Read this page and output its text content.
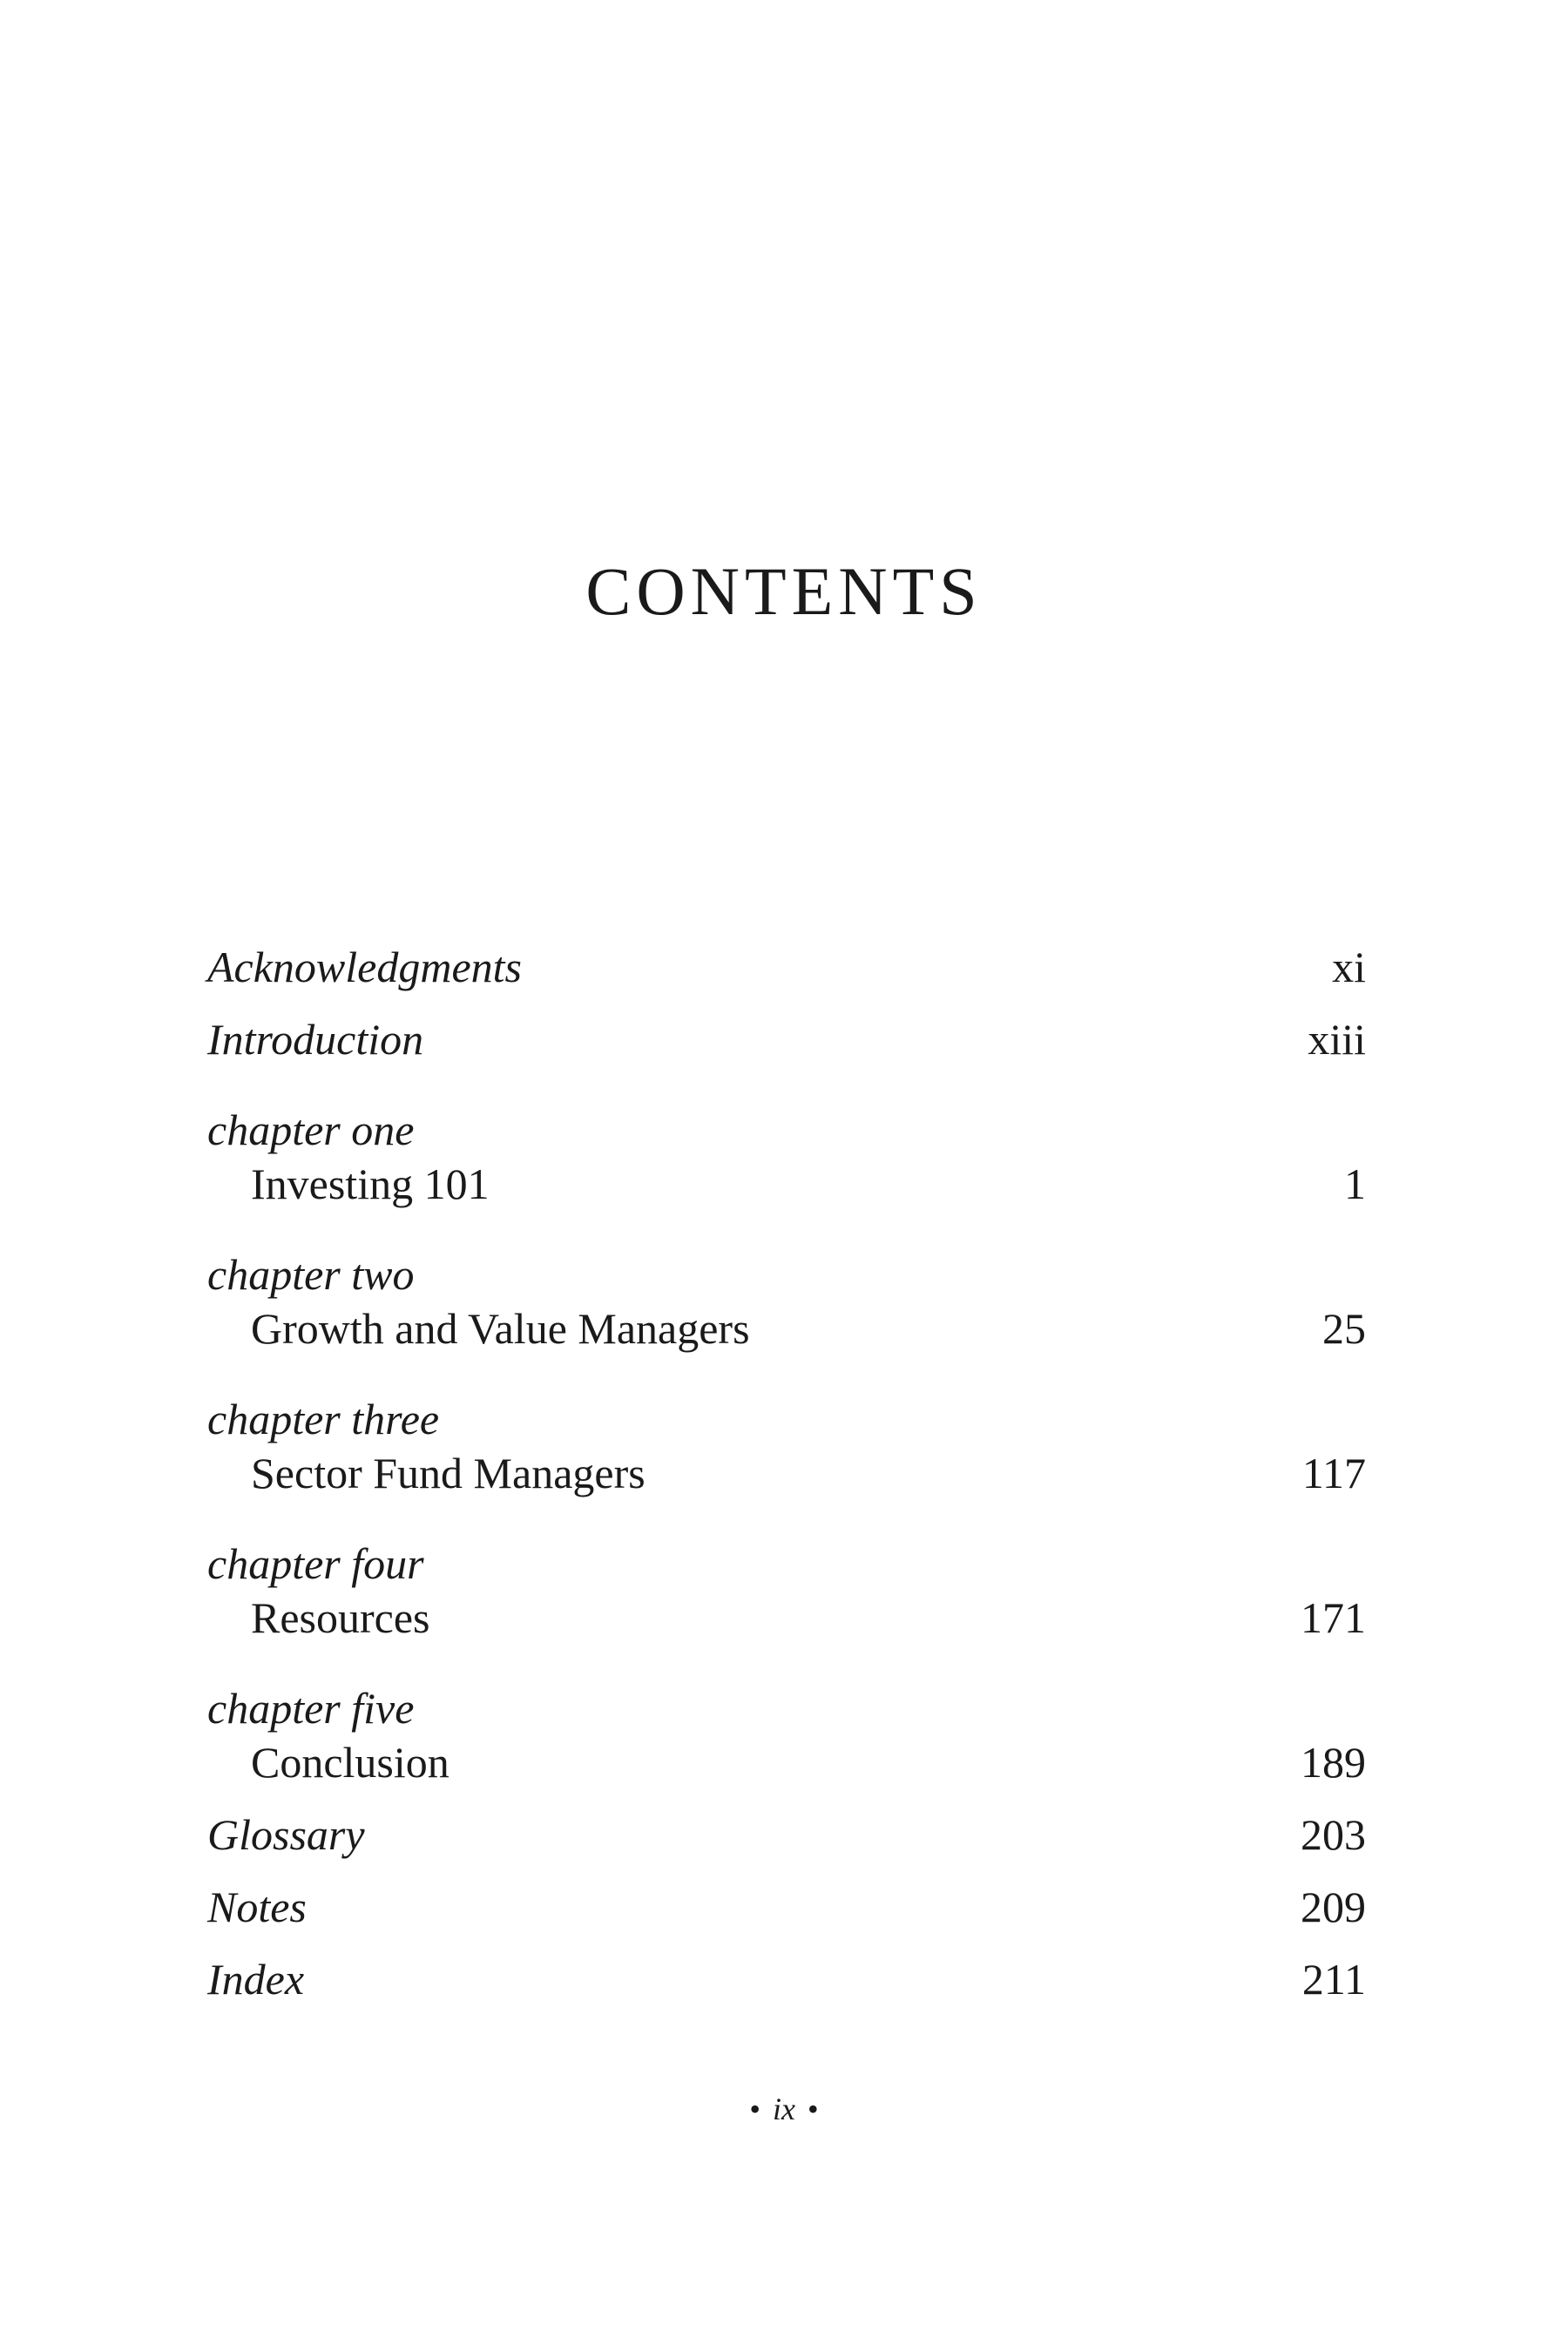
CONTENTS
Acknowledgments	xi
Introduction	xiii
chapter one
Investing 101	1
chapter two
Growth and Value Managers	25
chapter three
Sector Fund Managers	117
chapter four
Resources	171
chapter five
Conclusion	189
Glossary	203
Notes	209
Index	211
• ix •
